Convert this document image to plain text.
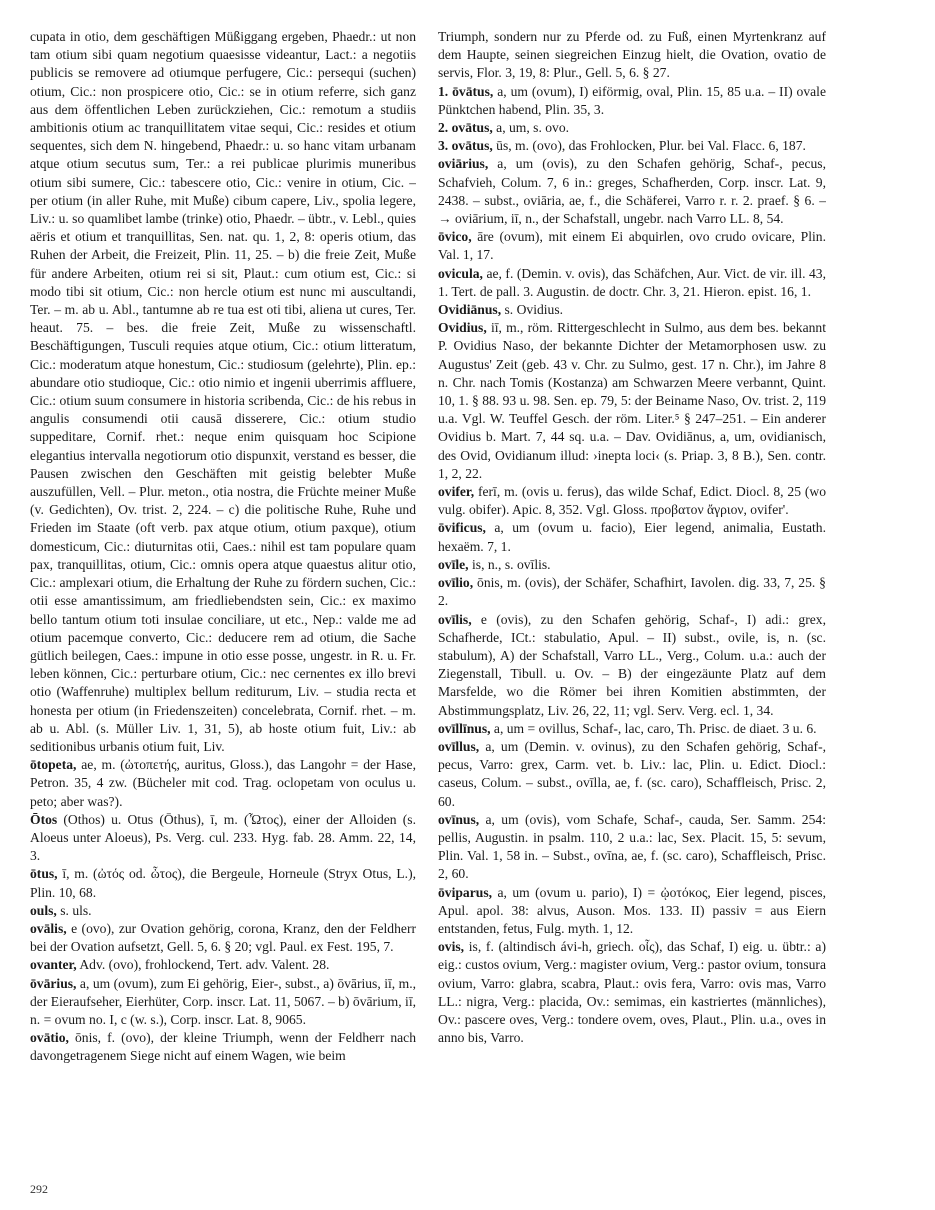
cupata in otio, dem geschäftigen Müßiggang ergeben, Phaedr.: ut non tam otium sibi quam negotium quaesisse videantur, Lact.: a negotiis publicis se removere ad otiumque perfugere, Cic.: persequi (suchen) otium, Cic.: non prospicere otio, Cic.: se in otium referre, sich ganz aus dem öffentlichen Leben zurückziehen, Cic.: remotum a studiis ambitionis otium ac tranquillitatem vitae sequi, Cic.: resides et otium sequentes, sich dem N. hingebend, Phaedr.: u. so hanc vitam urbanam atque otium secutus sum, Ter.: a rei publicae plurimis muneribus otium sibi sumere, Cic.: tabescere otio, Cic.: venire in otium, Cic. – per otium (in aller Ruhe, mit Muße) cibum capere, Liv., spolia legere, Liv.: u. so quamlibet lambe (trinke) otio, Phaedr. – übtr., v. Lebl., quies aëris et otium et tranquillitas, Sen. nat. qu. 1, 2, 8: operis otium, das Ruhen der Arbeit, die Freizeit, Plin. 11, 25. – b) die freie Zeit, Muße für andere Arbeiten, otium rei si sit, Plaut.: cum otium est, Cic.: si modo tibi sit otium, Cic.: non hercle otium est nunc mi auscultandi, Ter. – m. ab u. Abl., tantumne ab re tua est oti tibi, aliena ut cures, Ter. heaut. 75. – bes. die freie Zeit, Muße zu wissenschaftl. Beschäftigungen, Tusculi requies atque otium, Cic.: otium litteratum, Cic.: moderatum atque honestum, Cic.: studiosum (gelehrte), Plin. ep.: abundare otio studioque, Cic.: otio nimio et ingenii uberrimis affluere, Cic.: otium suum consumere in historia scribenda, Cic.: de his rebus in angulis consumendi otii causā disserere, Cic.: otium studio suppeditare, Cornif. rhet.: neque enim quisquam hoc Scipione elegantius intervalla negotiorum otio dispunxit, verstand es besser, die Pausen zwischen den Geschäften mit geistig belebter Muße auszufüllen, Vell. – Plur. meton., otia nostra, die Früchte meiner Muße (v. Gedichten), Ov. trist. 2, 224. – c) die politische Ruhe, Ruhe und Frieden im Staate (oft verb. pax atque otium, otium paxque), otium domesticum, Cic.: diuturnitas otii, Caes.: nihil est tam populare quam pax, tranquillitas, otium, Cic.: omnis opera atque quaestus alitur otio, Cic.: amplexari otium, die Erhaltung der Ruhe zu fördern suchen, Cic.: otii esse amantissimum, am friedliebendsten sein, Cic.: ex maximo bello tantum otium toti insulae conciliare, ut etc., Nep.: valde me ad otium pacemque converto, Cic.: deducere rem ad otium, die Sache gütlich beilegen, Caes.: impune in otio esse posse, ungestr. in R. u. Fr. leben können, Cic.: perturbare otium, Cic.: nec cernentes ex illo brevi otio (Waffenruhe) multiplex bellum rediturum, Liv. – studia recta et honesta per otium (in Friedenszeiten) concelebrata, Cornif. rhet. – m. ab u. Abl. (s. Müller Liv. 1, 31, 5), ab hoste otium fuit, Liv.: ab seditionibus urbanis otium fuit, Liv.

ōtopeta, ae, m. (ὠτοπετής, auritus, Gloss.), das Langohr = der Hase, Petron. 35, 4 zw. (Bücheler mit cod. Trag. oclopetam von oculus u. peto; aber was?).

Ōtos (Othos) u. Otus (Ōthus), ī, m. (Ὦτος), einer der Alloiden (s. Aloeus unter Aloeus), Ps. Verg. cul. 233. Hyg. fab. 28. Amm. 22, 14, 3.

ōtus, ī, m. (ὠτός od. ὦτος), die Bergeule, Horneule (Stryx Otus, L.), Plin. 10, 68.

ouls, s. uls.

ovālis, e (ovo), zur Ovation gehörig, corona, Kranz, den der Feldherr bei der Ovation aufsetzt, Gell. 5, 6. § 20; vgl. Paul. ex Fest. 195, 7.

ovanter, Adv. (ovo), frohlockend, Tert. adv. Valent. 28.

ōvārius, a, um (ovum), zum Ei gehörig, Eier-, subst., a) ōvārius, iī, m., der Eieraufseher, Eierhüter, Corp. inscr. Lat. 11, 5067. – b) ōvārium, iī, n. = ovum no. I, c (w. s.), Corp. inscr. Lat. 8, 9065.

ovātio, ōnis, f. (ovo), der kleine Triumph, wenn der Feldherr nach davongetragenem Siege nicht auf einem Wagen, wie beim

Triumph, sondern nur zu Pferde od. zu Fuß, einen Myrtenkranz auf dem Haupte, seinen siegreichen Einzug hielt, die Ovation, ovatio de servis, Flor. 3, 19, 8: Plur., Gell. 5, 6. § 27.

1. ōvātus, a, um (ovum), I) eiförmig, oval, Plin. 15, 85 u.a. – II) ovale Pünktchen habend, Plin. 35, 3.

2. ovātus, a, um, s. ovo.

3. ovātus, ūs, m. (ovo), das Frohlocken, Plur. bei Val. Flacc. 6, 187.

oviārius, a, um (ovis), zu den Schafen gehörig, Schaf-, pecus, Schafvieh, Colum. 7, 6 in.: greges, Schafherden, Corp. inscr. Lat. 9, 2438. – subst., oviāria, ae, f., die Schäferei, Varro r. r. 2. praef. § 6. – → oviārium, iī, n., der Schafstall, ungebr. nach Varro LL. 8, 54.

ōvico, āre (ovum), mit einem Ei abquirlen, ovo crudo ovicare, Plin. Val. 1, 17.

ovicula, ae, f. (Demin. v. ovis), das Schäfchen, Aur. Vict. de vir. ill. 43, 1. Tert. de pall. 3. Augustin. de doctr. Chr. 3, 21. Hieron. epist. 16, 1.

Ovidiānus, s. Ovidius.

Ovidius, iī, m., röm. Rittergeschlecht in Sulmo, aus dem bes. bekannt P. Ovidius Naso, der bekannte Dichter der Metamorphosen usw. zu Augustus' Zeit (geb. 43 v. Chr. zu Sulmo, gest. 17 n. Chr.), im Jahre 8 n. Chr. nach Tomis (Kostanza) am Schwarzen Meere verbannt, Quint. 10, 1. § 88. 93 u. 98. Sen. ep. 79, 5: der Beiname Naso, Ov. trist. 2, 119 u.a. Vgl. W. Teuffel Gesch. der röm. Liter.⁵ § 247–251. – Ein anderer Ovidius b. Mart. 7, 44 sq. u.a. – Dav. Ovidiānus, a, um, ovidianisch, des Ovid, Ovidianum illud: ›inepta loci‹ (s. Priap. 3, 8 B.), Sen. contr. 1, 2, 22.

ovifer, ferī, m. (ovis u. ferus), das wilde Schaf, Edict. Diocl. 8, 25 (wo vulg. obifer). Apic. 8, 352. Vgl. Gloss. προβατον ἄγριον, ovifer'.

ōvificus, a, um (ovum u. facio), Eier legend, animalia, Eustath. hexaëm. 7, 1.

ovīle, is, n., s. ovīlis.

ovīlio, ōnis, m. (ovis), der Schäfer, Schafhirt, Iavolen. dig. 33, 7, 25. § 2.

ovīlis, e (ovis), zu den Schafen gehörig, Schaf-, I) adi.: grex, Schafherde, ICt.: stabulatio, Apul. – II) subst., ovile, is, n. (sc. stabulum), A) der Schafstall, Varro LL., Verg., Colum. u.a.: auch der Ziegenstall, Tibull. u. Ov. – B) der eingezäunte Platz auf dem Marsfelde, wo die Römer bei ihren Komitien abstimmten, der Abstimmungsplatz, Liv. 26, 22, 11; vgl. Serv. Verg. ecl. 1, 34.

ovīllīnus, a, um = ovillus, Schaf-, lac, caro, Th. Prisc. de diaet. 3 u. 6.

ovīllus, a, um (Demin. v. ovinus), zu den Schafen gehörig, Schaf-, pecus, Varro: grex, Carm. vet. b. Liv.: lac, Plin. u. Edict. Diocl.: caseus, Colum. – subst., ovīlla, ae, f. (sc. caro), Schaffleisch, Prisc. 2, 60.

ovīnus, a, um (ovis), vom Schafe, Schaf-, cauda, Ser. Samm. 254: pellis, Augustin. in psalm. 110, 2 u.a.: lac, Sex. Placit. 15, 5: sevum, Plin. Val. 1, 58 in. – Subst., ovīna, ae, f. (sc. caro), Schaffleisch, Prisc. 2, 60.

ōviparus, a, um (ovum u. pario), I) = ᾠοτόκος, Eier legend, pisces, Apul. apol. 38: alvus, Auson. Mos. 133. II) passiv = aus Eiern entstanden, fetus, Fulg. myth. 1, 12.

ovis, is, f. (altindisch ávi-h, griech. οἶς), das Schaf, I) eig. u. übtr.: a) eig.: custos ovium, Verg.: magister ovium, Verg.: pastor ovium, tonsura ovium, Varro: glabra, scabra, Plaut.: ovis fera, Varro: ovis mas, Varro LL.: nigra, Verg.: placida, Ov.: semimas, ein kastriertes (männliches), Ov.: pascere oves, Verg.: tondere ovem, oves, Plaut., Plin. u.a., oves in anno bis, Varro.

292
